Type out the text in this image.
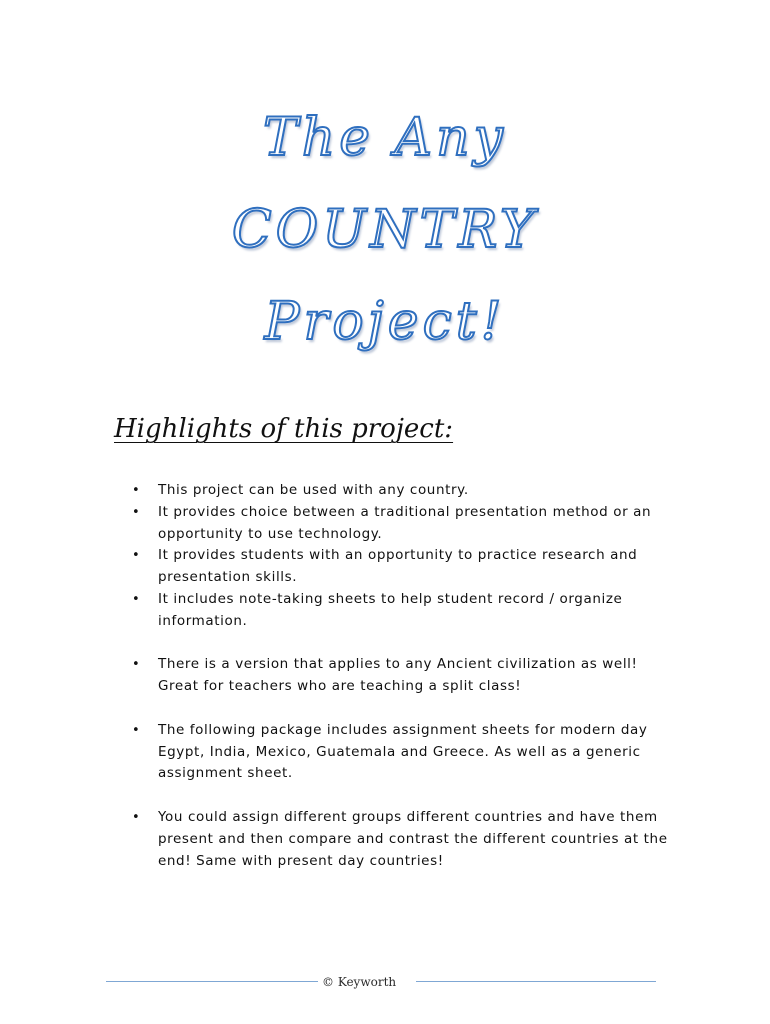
The Any
COUNTRY
Project!
Highlights of this project:
• This project can be used with any country.
• It provides choice between a traditional presentation method or an opportunity to use technology.
• It provides students with an opportunity to practice research and presentation skills.
• It includes note-taking sheets to help student record / organize information.
• There is a version that applies to any Ancient civilization as well! Great for teachers who are teaching a split class!
• The following package includes assignment sheets for modern day Egypt, India, Mexico, Guatemala and Greece. As well as a generic assignment sheet.
• You could assign different groups different countries and have them present and then compare and contrast the different countries at the end! Same with present day countries!
© Keyworth
